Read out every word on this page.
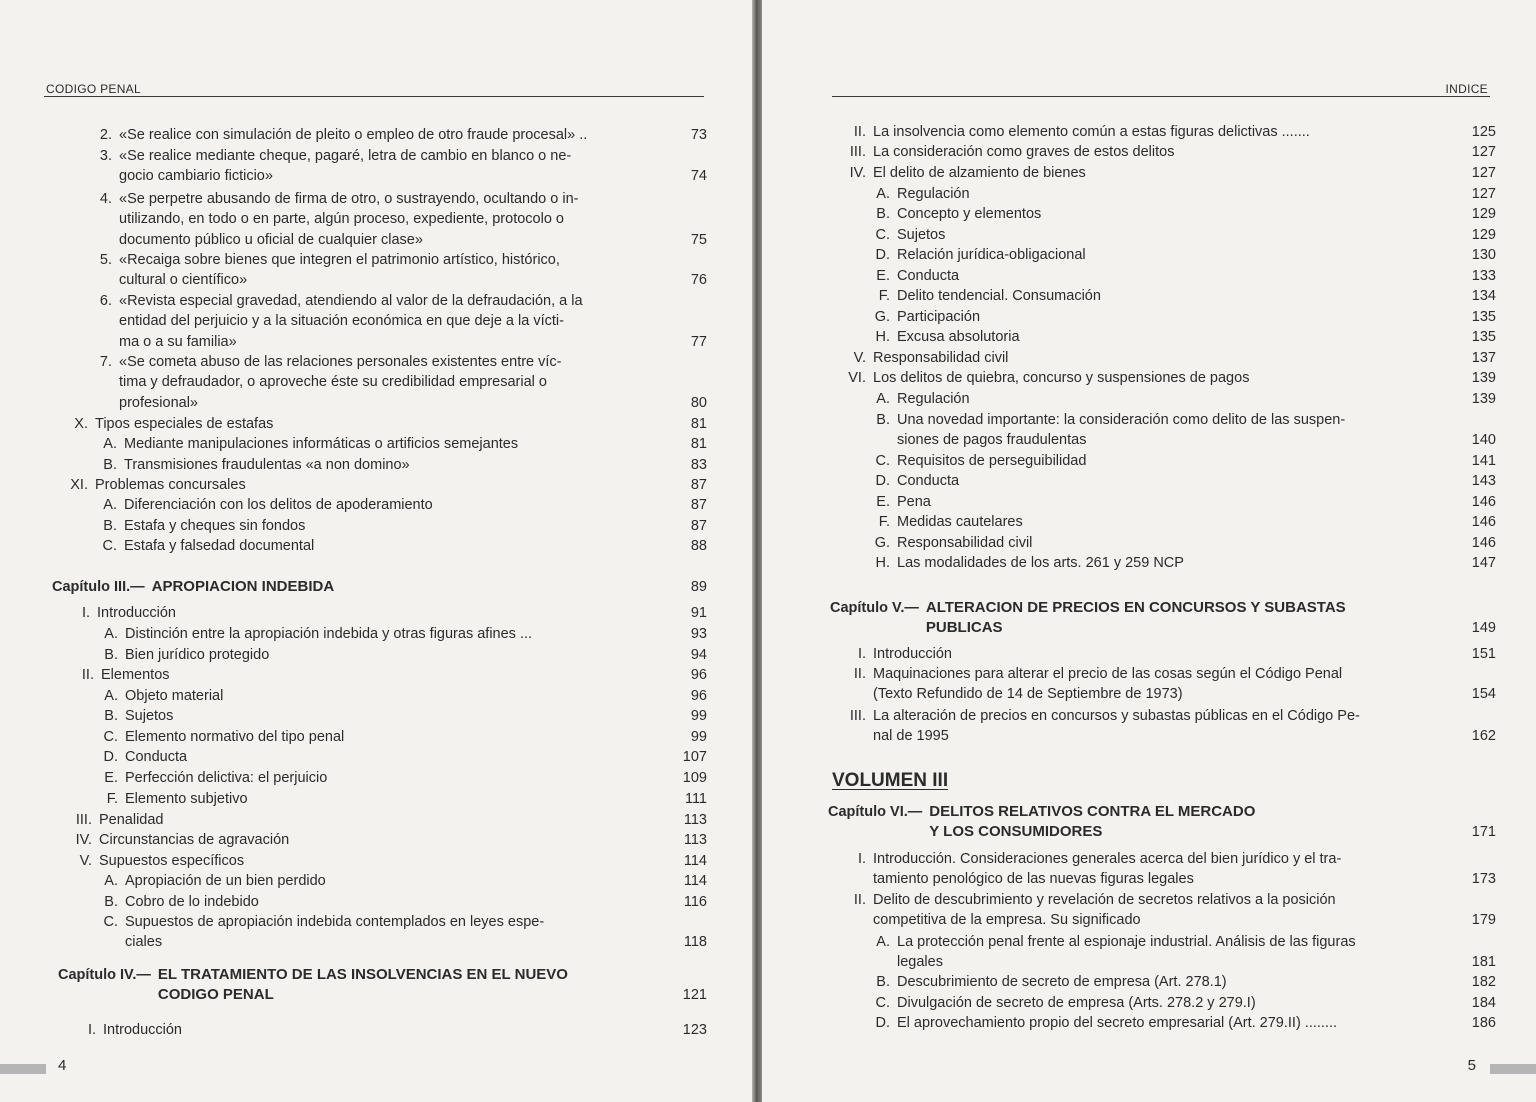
CODIGO PENAL
2. «Se realice con simulación de pleito o empleo de otro fraude procesal» ..	73
3. «Se realice mediante cheque, pagaré, letra de cambio en blanco o ne-
gocio cambiario ficticio»	74
4. «Se perpetre abusando de firma de otro, o sustrayendo, ocultando o in-
utilizando, en todo o en parte, algún proceso, expediente, protocolo o
documento público u oficial de cualquier clase»	75
5. «Recaiga sobre bienes que integren el patrimonio artístico, histórico,
cultural o científico»	76
6. «Revista especial gravedad, atendiendo al valor de la defraudación, a la
entidad del perjuicio y a la situación económica en que deje a la vícti-
ma o a su familia»	77
7. «Se cometa abuso de las relaciones personales existentes entre víc-
tima y defraudador, o aproveche éste su credibilidad empresarial o
profesional»	80
X. Tipos especiales de estafas	81
A. Mediante manipulaciones informáticas o artificios semejantes	81
B. Transmisiones fraudulentas «a non domino»	83
XI. Problemas concursales	87
A. Diferenciación con los delitos de apoderamiento	87
B. Estafa y cheques sin fondos	87
C. Estafa y falsedad documental	88
Capítulo III.— APROPIACION INDEBIDA	89
I. Introducción	91
A. Distinción entre la apropiación indebida y otras figuras afines ...	93
B. Bien jurídico protegido	94
II. Elementos	96
A. Objeto material	96
B. Sujetos	99
C. Elemento normativo del tipo penal	99
D. Conducta	107
E. Perfección delictiva: el perjuicio	109
F. Elemento subjetivo	111
III. Penalidad	113
IV. Circunstancias de agravación	113
V. Supuestos específicos	114
A. Apropiación de un bien perdido	114
B. Cobro de lo indebido	116
C. Supuestos de apropiación indebida contemplados en leyes espe-
ciales	118
Capítulo IV.— EL TRATAMIENTO DE LAS INSOLVENCIAS EN EL NUEVO
CODIGO PENAL	121
I. Introducción	123
4
INDICE
II. La insolvencia como elemento común a estas figuras delictivas .......	125
III. La consideración como graves de estos delitos	127
IV. El delito de alzamiento de bienes	127
A. Regulación	127
B. Concepto y elementos	129
C. Sujetos	129
D. Relación jurídica-obligacional	130
E. Conducta	133
F. Delito tendencial. Consumación	134
G. Participación	135
H. Excusa absolutoria	135
V. Responsabilidad civil	137
VI. Los delitos de quiebra, concurso y suspensiones de pagos	139
A. Regulación	139
B. Una novedad importante: la consideración como delito de las suspen-
siones de pagos fraudulentas	140
C. Requisitos de perseguibilidad	141
D. Conducta	143
E. Pena	146
F. Medidas cautelares	146
G. Responsabilidad civil	146
H. Las modalidades de los arts. 261 y 259 NCP	147
Capítulo V.— ALTERACION DE PRECIOS EN CONCURSOS Y SUBASTAS
PUBLICAS	149
I. Introducción	151
II. Maquinaciones para alterar el precio de las cosas según el Código Penal
(Texto Refundido de 14 de Septiembre de 1973)	154
III. La alteración de precios en concursos y subastas públicas en el Código Pe-
nal de 1995	162
Capítulo VI.— DELITOS RELATIVOS CONTRA EL MERCADO
Y LOS CONSUMIDORES	171
I. Introducción. Consideraciones generales acerca del bien jurídico y el tra-
tamiento penológico de las nuevas figuras legales	173
II. Delito de descubrimiento y revelación de secretos relativos a la posición
competitiva de la empresa. Su significado	179
A. La protección penal frente al espionaje industrial. Análisis de las figuras
legales	181
B. Descubrimiento de secreto de empresa (Art. 278.1)	182
C. Divulgación de secreto de empresa (Arts. 278.2 y 279.I)	184
D. El aprovechamiento propio del secreto empresarial (Art. 279.II) ........	186
VOLUMEN III
5
